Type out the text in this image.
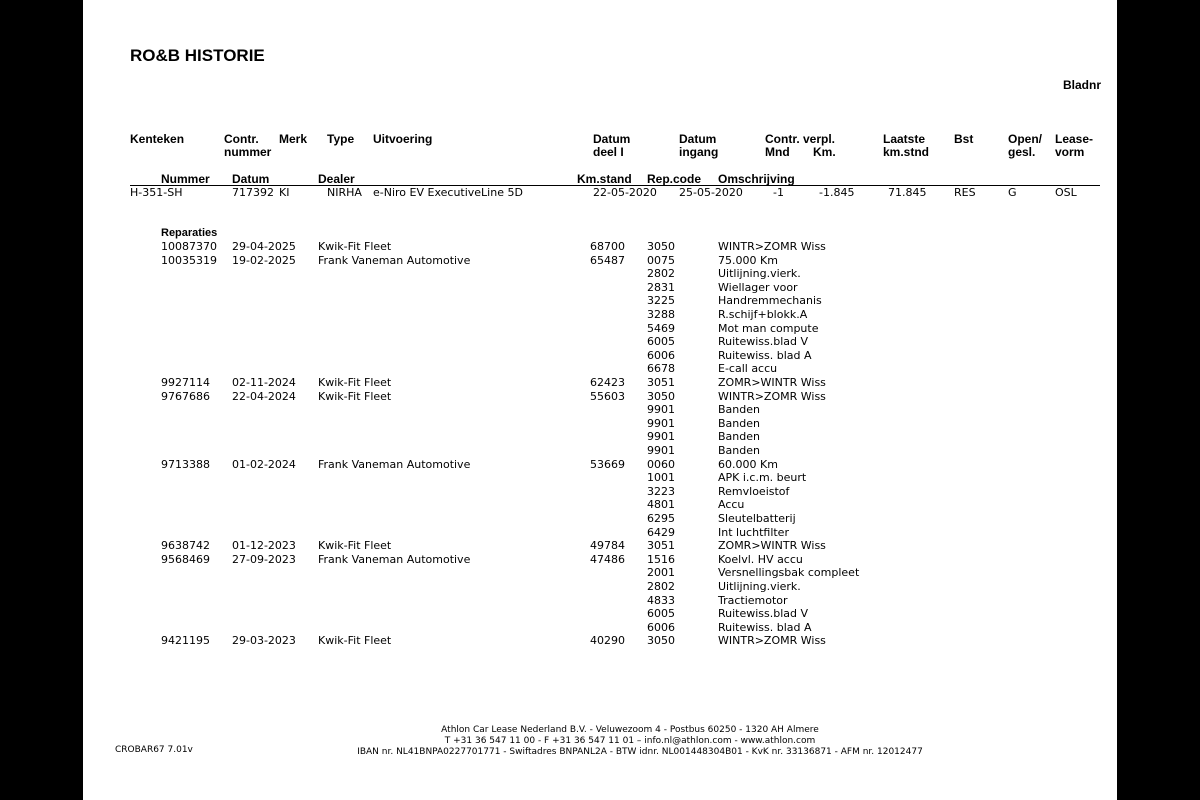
RO&B HISTORIE
Bladnr
Kenteken	Contr.
nummer
Merk Type Uitvoering	Datum
deel I
Datum
ingang
Contr. verpl.
Mnd       Km.
Laatste
km.stnd
Bst	Open/
gesl.
Lease-
vorm
Nummer Datum	Dealer	Km.stand Rep.code Omschrijving
H-351-SH	717392 KI	NIRHA e-Niro EV ExecutiveLine 5D	22-05-2020 25-05-2020	-1	-1.845	71.845	RES	G	OSL
Reparaties
10087370 29-04-2025 Kwik-Fit Fleet	68700 3050	WINTR>ZOMR Wiss
10035319 19-02-2025 Frank Vaneman Automotive	65487 0075	75.000 Km
2802	Uitlijning.vierk.
2831	Wiellager voor
3225	Handremmechanis
3288	R.schijf+blokk.A
5469	Mot man compute
6005	Ruitewiss.blad V
6006	Ruitewiss. blad A
6678	E-call accu
9927114 02-11-2024 Kwik-Fit Fleet	62423 3051	ZOMR>WINTR Wiss
9767686 22-04-2024 Kwik-Fit Fleet	55603 3050	WINTR>ZOMR Wiss
9901	Banden
9901	Banden
9901	Banden
9901	Banden
9713388 01-02-2024 Frank Vaneman Automotive	53669 0060	60.000 Km
1001	APK i.c.m. beurt
3223	Remvloeistof
4801	Accu
6295	Sleutelbatterij
6429	Int luchtfilter
9638742 01-12-2023 Kwik-Fit Fleet	49784 3051	ZOMR>WINTR Wiss
9568469 27-09-2023 Frank Vaneman Automotive	47486 1516	Koelvl. HV accu
2001	Versnellingsbak compleet
2802	Uitlijning.vierk.
4833	Tractiemotor
6005	Ruitewiss.blad V
6006	Ruitewiss. blad A
9421195 29-03-2023 Kwik-Fit Fleet	40290 3050	WINTR>ZOMR Wiss
Athlon Car Lease Nederland B.V. - Veluwezoom 4 - Postbus 60250 - 1320 AH Almere
T +31 36 547 11 00 - F +31 36 547 11 01 – info.nl@athlon.com - www.athlon.com
IBAN nr. NL41BNPA0227701771 - Swiftadres BNPANL2A - BTW idnr. NL001448304B01 - KvK nr. 33136871 - AFM nr. 12012477
CROBAR67 7.01v
